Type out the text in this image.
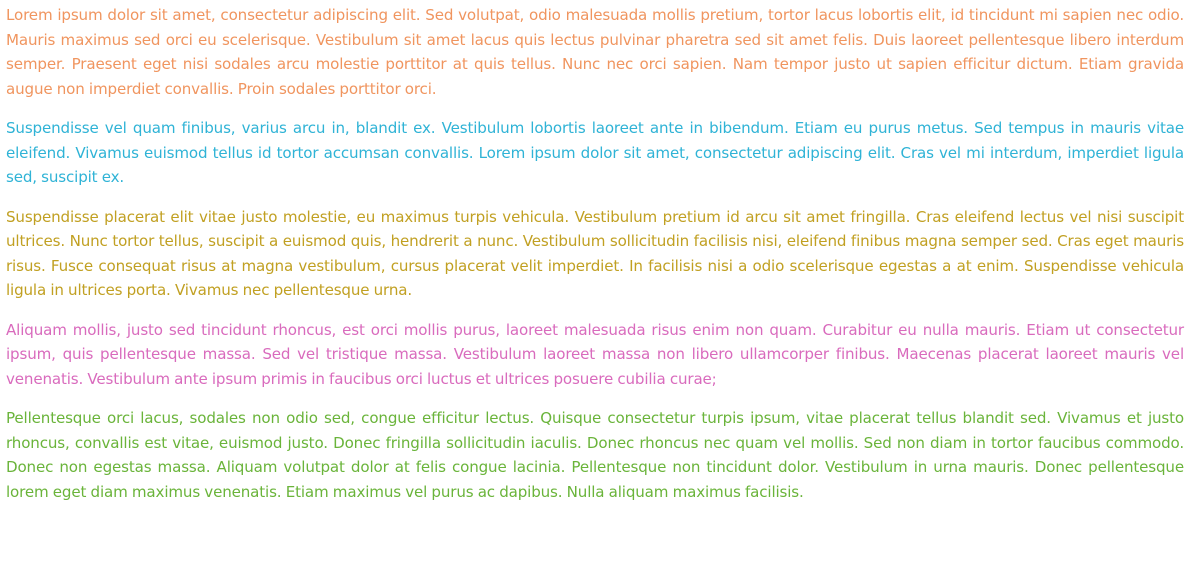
Lorem ipsum dolor sit amet, consectetur adipiscing elit. Sed volutpat, odio malesuada mollis pretium, tortor lacus lobortis elit, id tincidunt mi sapien nec odio. Mauris maximus sed orci eu scelerisque. Vestibulum sit amet lacus quis lectus pulvinar pharetra sed sit amet felis. Duis laoreet pellentesque libero interdum semper. Praesent eget nisi sodales arcu molestie porttitor at quis tellus. Nunc nec orci sapien. Nam tempor justo ut sapien efficitur dictum. Etiam gravida augue non imperdiet convallis. Proin sodales porttitor orci.

Suspendisse vel quam finibus, varius arcu in, blandit ex. Vestibulum lobortis laoreet ante in bibendum. Etiam eu purus metus. Sed tempus in mauris vitae eleifend. Vivamus euismod tellus id tortor accumsan convallis. Lorem ipsum dolor sit amet, consectetur adipiscing elit. Cras vel mi interdum, imperdiet ligula sed, suscipit ex.

Suspendisse placerat elit vitae justo molestie, eu maximus turpis vehicula. Vestibulum pretium id arcu sit amet fringilla. Cras eleifend lectus vel nisi suscipit ultrices. Nunc tortor tellus, suscipit a euismod quis, hendrerit a nunc. Vestibulum sollicitudin facilisis nisi, eleifend finibus magna semper sed. Cras eget mauris risus. Fusce consequat risus at magna vestibulum, cursus placerat velit imperdiet. In facilisis nisi a odio scelerisque egestas a at enim. Suspendisse vehicula ligula in ultrices porta. Vivamus nec pellentesque urna.

Aliquam mollis, justo sed tincidunt rhoncus, est orci mollis purus, laoreet malesuada risus enim non quam. Curabitur eu nulla mauris. Etiam ut consectetur ipsum, quis pellentesque massa. Sed vel tristique massa. Vestibulum laoreet massa non libero ullamcorper finibus. Maecenas placerat laoreet mauris vel venenatis. Vestibulum ante ipsum primis in faucibus orci luctus et ultrices posuere cubilia curae;

Pellentesque orci lacus, sodales non odio sed, congue efficitur lectus. Quisque consectetur turpis ipsum, vitae placerat tellus blandit sed. Vivamus et justo rhoncus, convallis est vitae, euismod justo. Donec fringilla sollicitudin iaculis. Donec rhoncus nec quam vel mollis. Sed non diam in tortor faucibus commodo. Donec non egestas massa. Aliquam volutpat dolor at felis congue lacinia. Pellentesque non tincidunt dolor. Vestibulum in urna mauris. Donec pellentesque lorem eget diam maximus venenatis. Etiam maximus vel purus ac dapibus. Nulla aliquam maximus facilisis.
